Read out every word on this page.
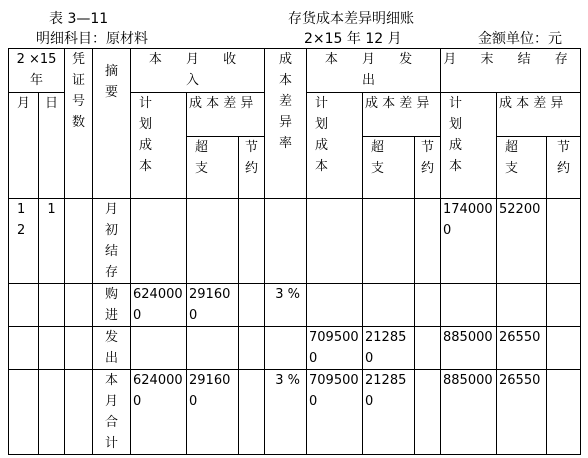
表 3—11	存货成本差异明细账
明细科目：原材料	2×15 年 12 月	金额单位：元
2 ×15 年		凭证号数	摘要	本 月 收 入			成本差异率	本 月 发 出			月 末 结 存		
月	日			计划成本	成 本 差 异			计划成本	成 本 差 异		计划成本	成 本 差 异	

					超支	节约			超支	节约		超支	节约

12	1		月初结存								1740000	52200	

			购进	6240000	291600		3 %						

			发出					7095000	212850		885000	26550	

			本月合计	6240000	291600		3 %	7095000	212850		885000	26550	
